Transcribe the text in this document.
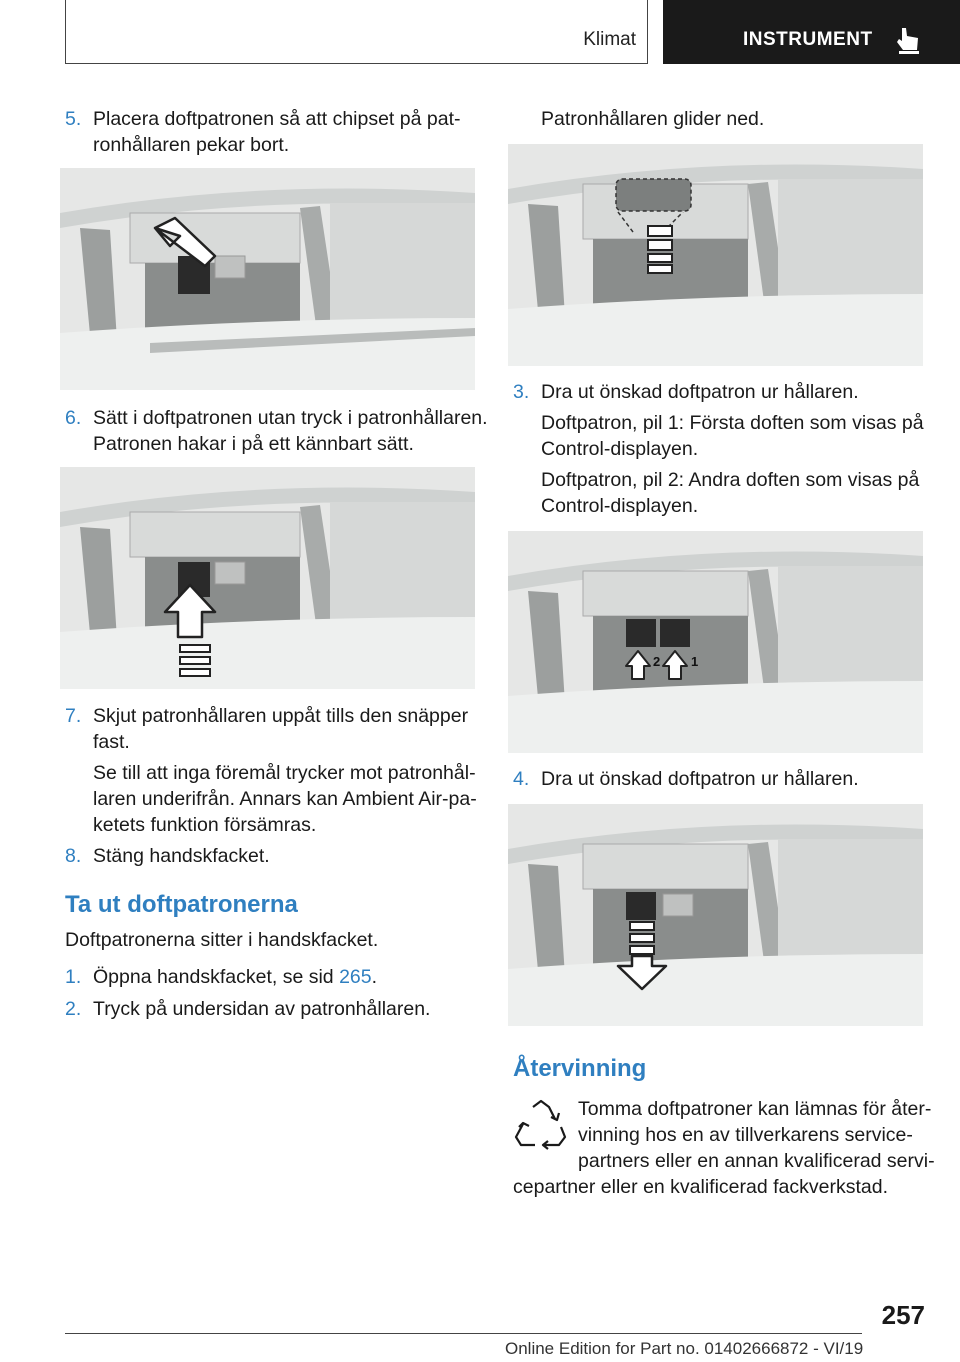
Klimat	INSTRUMENT
5. Placera doftpatronen så att chipset på pat‐
ronhållaren pekar bort.
6. Sätt i doftpatronen utan tryck i patronhållaren.
Patronen hakar i på ett kännbart sätt.
7. Skjut patronhållaren uppåt tills den snäpper
fast.
Se till att inga föremål trycker mot patronhål‐
laren underifrån. Annars kan Ambient Air-pa‐
ketets funktion försämras.
8. Stäng handskfacket.
Ta ut doftpatronerna
Doftpatronerna sitter i handskfacket.
1. Öppna handskfacket, se sid 265.
2. Tryck på undersidan av patronhållaren.
Patronhållaren glider ned.
3. Dra ut önskad doftpatron ur hållaren.
Doftpatron, pil 1: Första doften som visas på
Control-displayen.
Doftpatron, pil 2: Andra doften som visas på
Control-displayen.
2 1
4. Dra ut önskad doftpatron ur hållaren.
Återvinning
Tomma doftpatroner kan lämnas för åter‐
vinning hos en av tillverkarens service‐
partners eller en annan kvalificerad servi‐
cepartner eller en kvalificerad fackverkstad.
257
Online Edition for Part no. 01402666872 - VI/19
